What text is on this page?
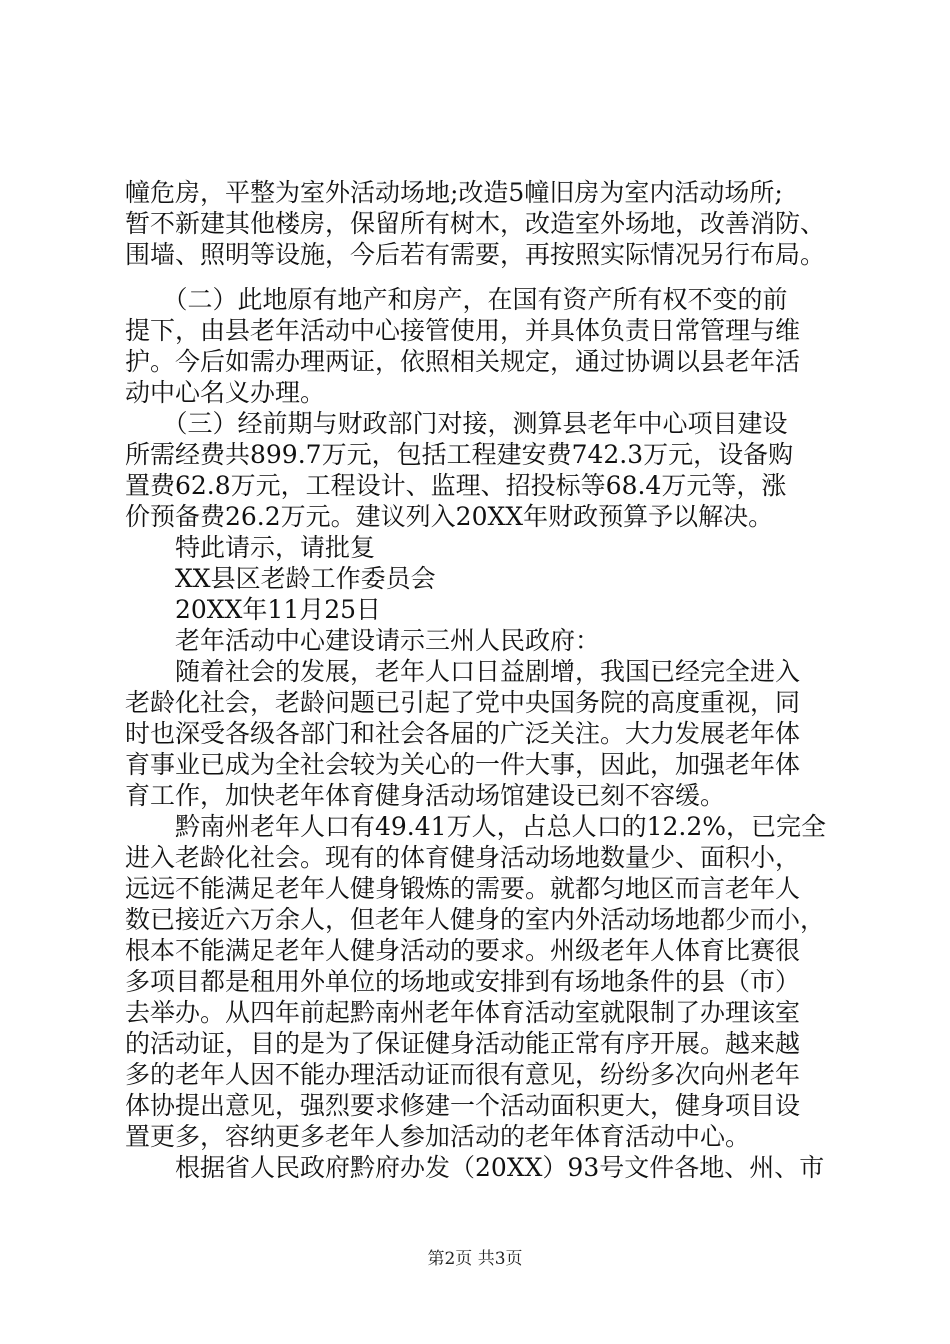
幢危房，平整为室外活动场地;改造5幢旧房为室内活动场所;
暂不新建其他楼房，保留所有树木，改造室外场地，改善消防、
围墙、照明等设施，今后若有需要，再按照实际情况另行布局。
　　（二）此地原有地产和房产，在国有资产所有权不变的前
提下，由县老年活动中心接管使用，并具体负责日常管理与维
护。今后如需办理两证，依照相关规定，通过协调以县老年活
动中心名义办理。
　　（三）经前期与财政部门对接，测算县老年中心项目建设
所需经费共899.7万元，包括工程建安费742.3万元，设备购
置费62.8万元，工程设计、监理、招投标等68.4万元等，涨
价预备费26.2万元。建议列入20XX年财政预算予以解决。
　　特此请示，请批复
　　XX县区老龄工作委员会
　　20XX年11月25日
　　老年活动中心建设请示三州人民政府：
　　随着社会的发展，老年人口日益剧增，我国已经完全进入
老龄化社会，老龄问题已引起了党中央国务院的高度重视，同
时也深受各级各部门和社会各届的广泛关注。大力发展老年体
育事业已成为全社会较为关心的一件大事，因此，加强老年体
育工作，加快老年体育健身活动场馆建设已刻不容缓。
　　黔南州老年人口有49.41万人，占总人口的12.2%，已完全
进入老龄化社会。现有的体育健身活动场地数量少、面积小，
远远不能满足老年人健身锻炼的需要。就都匀地区而言老年人
数已接近六万余人，但老年人健身的室内外活动场地都少而小，
根本不能满足老年人健身活动的要求。州级老年人体育比赛很
多项目都是租用外单位的场地或安排到有场地条件的县（市）
去举办。从四年前起黔南州老年体育活动室就限制了办理该室
的活动证，目的是为了保证健身活动能正常有序开展。越来越
多的老年人因不能办理活动证而很有意见，纷纷多次向州老年
体协提出意见，强烈要求修建一个活动面积更大，健身项目设
置更多，容纳更多老年人参加活动的老年体育活动中心。
　　根据省人民政府黔府办发（20XX）93号文件各地、州、市
第2页 共3页
